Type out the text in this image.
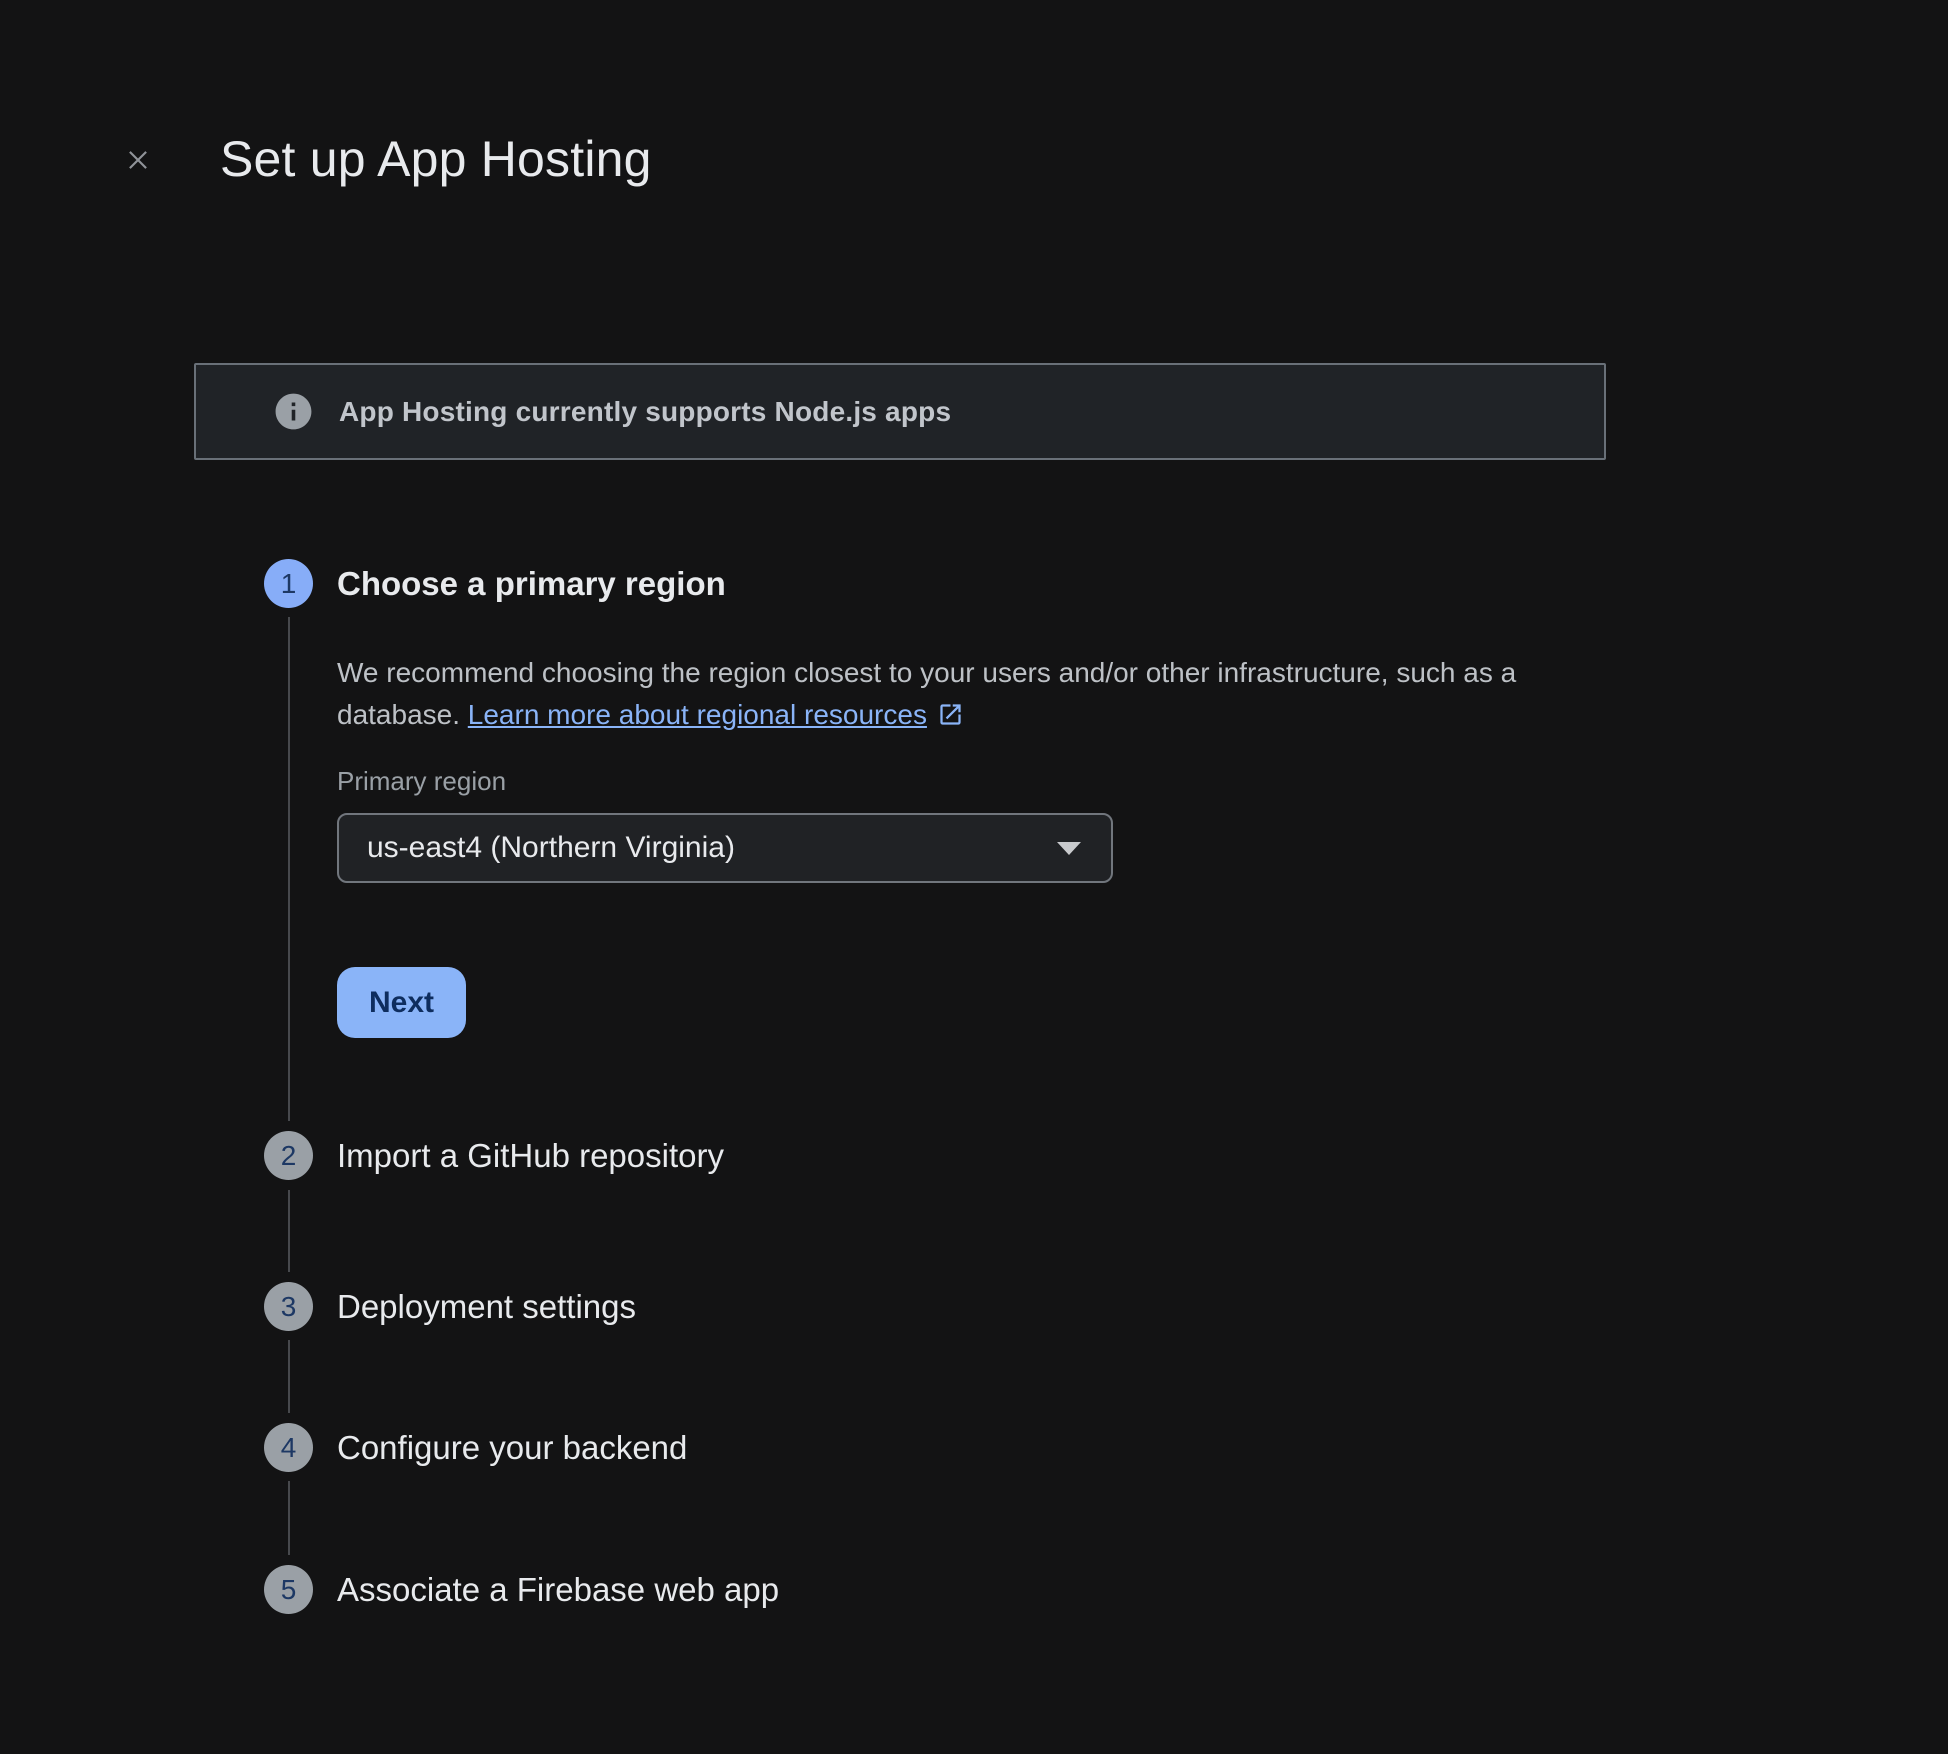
Set up App Hosting
App Hosting currently supports Node.js apps
1 Choose a primary region

We recommend choosing the region closest to your users and/or other infrastructure, such as a database. Learn more about regional resources

Primary region
us-east4 (Northern Virginia)
Next
2 Import a GitHub repository
3 Deployment settings
4 Configure your backend
5 Associate a Firebase web app
